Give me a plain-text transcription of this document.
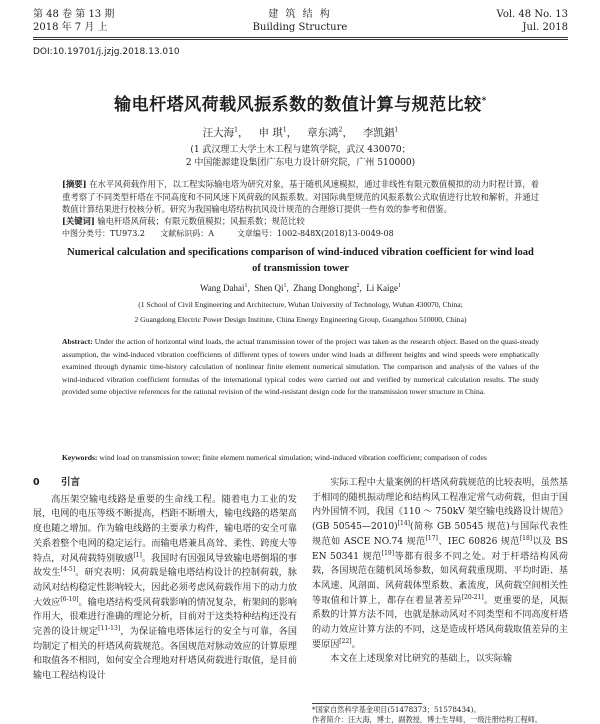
第 48 卷 第 13 期
2018 年 7 月 上
建 筑 结 构
Building Structure
Vol. 48 No. 13
Jul. 2018
DOI:10.19701/j.jzjg.2018.13.010
输电杆塔风荷载风振系数的数值计算与规范比较*
汪大海$^1$，   申 琪$^1$，   章东鸿$^2$，   李凯錩$^1$
(1 武汉理工大学土木工程与建筑学院，武汉 430070；
2 中国能源建设集团广东电力设计研究院，广州 510000)
[摘要] 在水平风荷载作用下，以工程实际输电塔为研究对象，基于随机风速模拟，通过非线性有限元数值模拟的动力时程计算，着重考察了不同类型杆塔在不同高度和不同风速下风荷载的风振系数。对国际典型规范的风振系数公式取值进行比较和解析，并通过数值计算结果进行校核分析。研究为我国输电塔结构抗风设计规范的合理修订提供一些有效的参考和借鉴。
[关键词] 输电杆塔风荷载；有限元数值模拟；风振系数；规范比较
中图分类号：TU973.2 文献标识码：A	文章编号：1002-848X(2018)13-0049-08
Numerical calculation and specifications comparison of wind-induced vibration coefficient for wind load of transmission tower
Wang Dahai$^1$,  Shen Qi$^1$,  Zhang Donghong$^2$,  Li Kaige$^1$
(1 School of Civil Engineering and Architecture, Wuhan University of Technology, Wuhan 430070, China;
2 Guangdong Electric Power Design Institute, China Energy Engineering Group, Guangzhou 510000, China)
Abstract: Under the action of horizontal wind loads, the actual transmission tower of the project was taken as the research object. Based on the quasi-steady assumption, the wind-induced vibration coefficients of different types of towers under wind loads at different heights and wind speeds were emphatically examined through dynamic time-history calculation of nonlinear finite element numerical simulation. The comparison and analysis of the values of the wind-induced vibration coefficient formulas of the international typical codes were carried out and verified by numerical calculation results. The study provided some objective references for the rational revision of the wind-resistant design code for the transmission tower structure in China.
Keywords: wind load on transmission tower; finite element numerical simulation; wind-induced vibration coefficient; comparison of codes
0 引言

高压架空输电线路是重要的生命线工程。随着电力工业的发展，电网的电压等级不断提高，档距不断增大，输电线路的塔架高度也随之增加。作为输电线路的主要承力构件，输电塔的安全可靠关系着整个电网的稳定运行。而输电塔兼具高耸、柔性、跨度大等特点，对风荷载特别敏感[1]。我国时有因强风导致输电塔倒塌的事故发生[4-5]。研究表明：风荷载是输电塔结构设计的控制荷载，脉动风对结构稳定性影响较大，因此必须考虑风荷载作用下的动力放大效应[6-10]。输电塔结构受风荷载影响的情况复杂，桁架间的影响作用大，很难进行准确的理论分析，目前对于这类特种结构还没有完善的设计规定[11-13]，为保证输电塔体运行的安全与可靠，各国均制定了相关的杆塔风荷载规范。各国规范对脉动效应的计算原理和取值各不相同，如何安全合理地对杆塔风荷载进行取值，是目前输电工程结构设计

实际工程中大量案例的杆塔风荷载规范的比较表明，虽然基于相同的随机振动理论和结构风工程准定常气动荷载，但由于国内外国情不同，我国《110 ～ 750kV 架空输电线路设计规范》(GB 50545—2010)[14](简称 GB 50545 规范)与国际代表性规范如 ASCE NO.74 规范[17]、IEC 60826 规范[18]以及 BS EN 50341 规范[19]等都有很多不同之处。对于杆塔结构风荷载，各国规范在随机风场参数，如风荷载重现期、平均时距、基本风速、风剖面、风荷载体型系数、紊流度，风荷载空间相关性等取值和计算上，都存在着显著差异[20-21]。更重要的是，风振系数的计算方法不同，也就是脉动风对不同类型和不同高度杆塔的动力效应计算方法的不同，这是造成杆塔风荷载取值差异的主要原因[22]。

本文在上述现象对比研究的基础上，以实际输

*国家自然科学基金项目(51478373；51578434)。
作者简介：汪大海，博士，副教授，博士生导师，一级注册结构工程师。
